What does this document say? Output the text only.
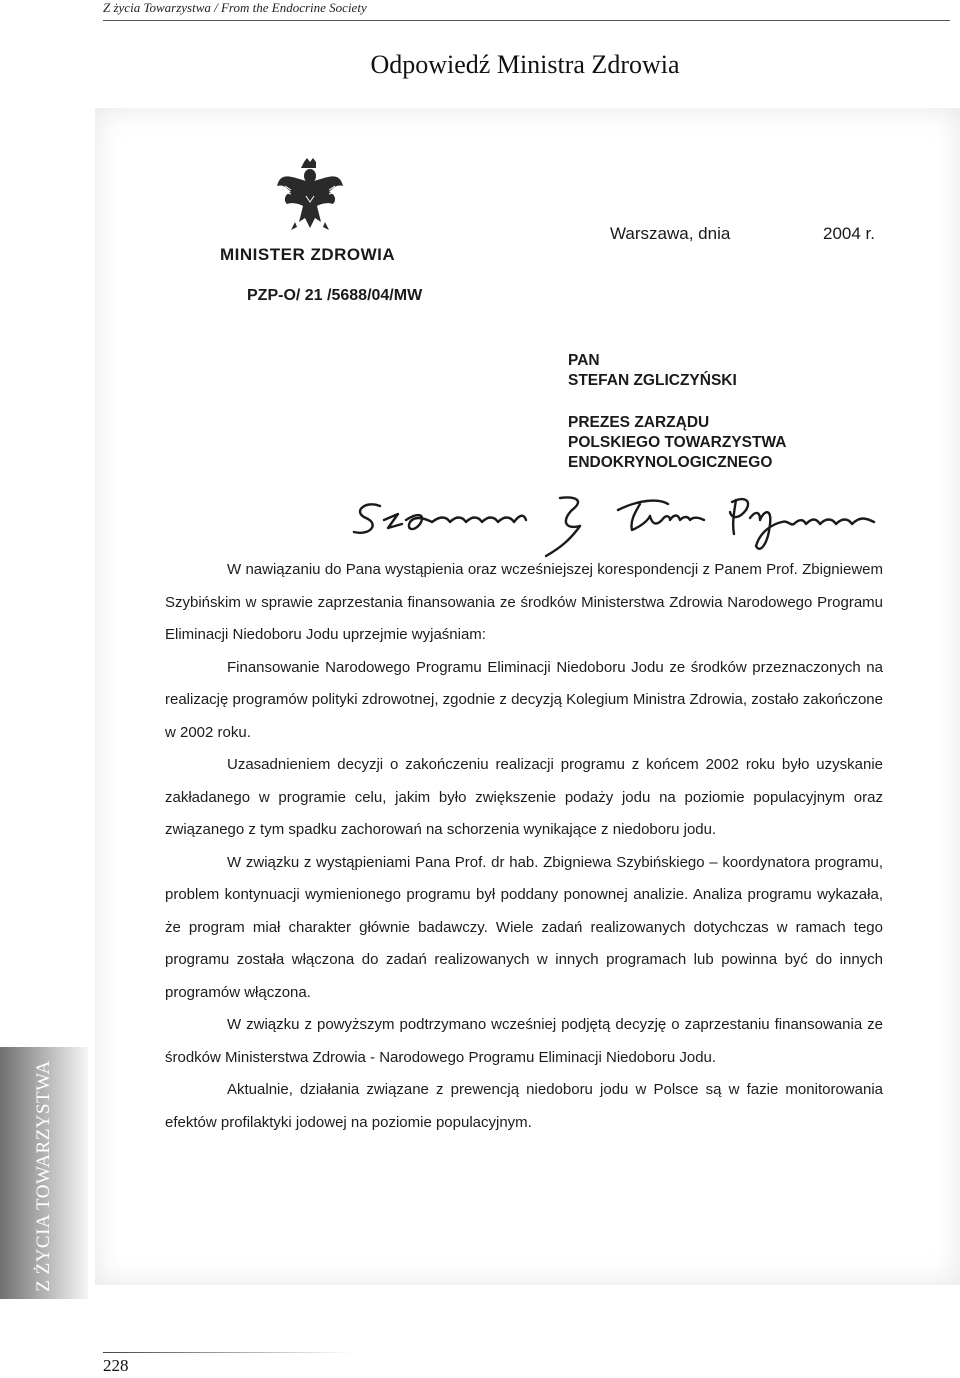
Z życia Towarzystwa / From the Endocrine Society
Odpowiedź Ministra Zdrowia
MINISTER ZDROWIA
PZP-O/ 21 /5688/04/MW
Warszawa, dnia	2004 r.
PAN
STEFAN ZGLICZYŃSKI
PREZES ZARZĄDU
POLSKIEGO TOWARZYSTWA
ENDOKRYNOLOGICZNEGO

W nawiązaniu do Pana wystąpienia oraz wcześniejszej korespondencji z Panem Prof. Zbigniewem Szybińskim w sprawie zaprzestania finansowania ze środków Ministerstwa Zdrowia Narodowego Programu Eliminacji Niedoboru Jodu uprzejmie wyjaśniam:

Finansowanie Narodowego Programu Eliminacji Niedoboru Jodu ze środków przeznaczonych na realizację programów polityki zdrowotnej, zgodnie z decyzją Kolegium Ministra Zdrowia, zostało zakończone w 2002 roku.

Uzasadnieniem decyzji o zakończeniu realizacji programu z końcem 2002 roku było uzyskanie zakładanego w programie celu, jakim było zwiększenie podaży jodu na poziomie populacyjnym oraz związanego z tym spadku zachorowań na schorzenia wynikające z niedoboru jodu.

W związku z wystąpieniami Pana Prof. dr hab. Zbigniewa Szybińskiego – koordynatora programu, problem kontynuacji wymienionego programu był poddany ponownej analizie. Analiza programu wykazała, że program miał charakter głównie badawczy. Wiele zadań realizowanych dotychczas w ramach tego programu została włączona do zadań realizowanych w innych programach lub powinna być do innych programów włączona.

W związku z powyższym podtrzymano wcześniej podjętą decyzję o zaprzestaniu finansowania ze środków Ministerstwa Zdrowia - Narodowego Programu Eliminacji Niedoboru Jodu.

Aktualnie, działania związane z prewencją niedoboru jodu w Polsce są w fazie monitorowania efektów profilaktyki jodowej na poziomie populacyjnym.

Z ŻYCIA TOWARZYSTWA
228
